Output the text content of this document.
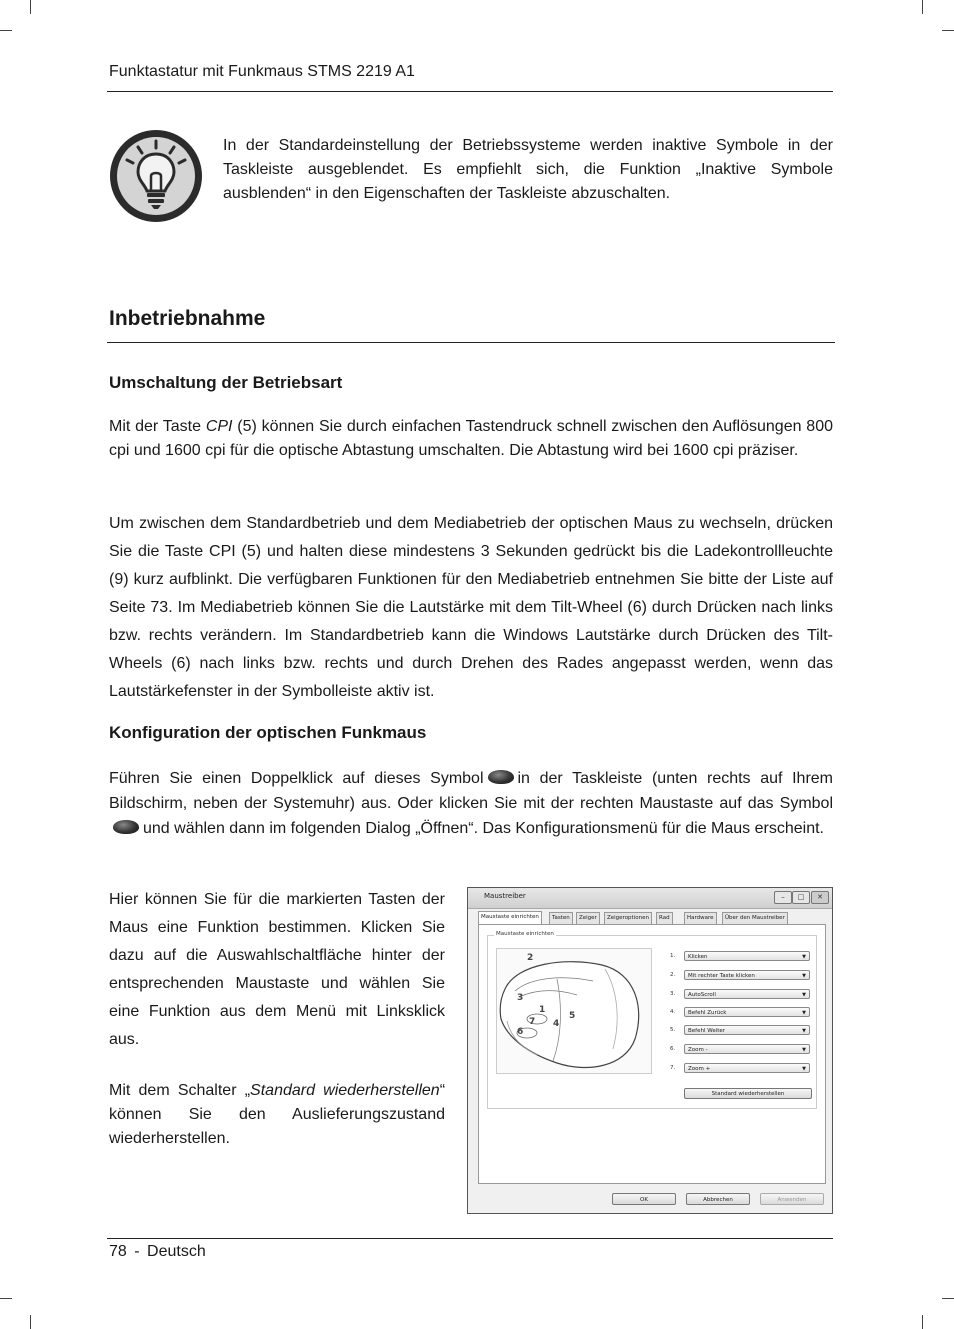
Funktastatur mit Funkmaus STMS 2219 A1
In der Standardeinstellung der Betriebssysteme werden inaktive Symbole in der Taskleiste ausgeblendet. Es empfiehlt sich, die Funktion „Inaktive Symbole ausblenden“ in den Eigenschaften der Taskleiste abzuschalten.
Inbetriebnahme
Umschaltung der Betriebsart
Mit der Taste CPI (5) können Sie durch einfachen Tastendruck schnell zwischen den Auflösungen 800 cpi und 1600 cpi für die optische Abtastung umschalten. Die Abtastung wird bei 1600 cpi präziser.
Um zwischen dem Standardbetrieb und dem Mediabetrieb der optischen Maus zu wechseln, drücken Sie die Taste CPI (5) und halten diese mindestens 3 Sekunden gedrückt bis die Ladekontrollleuchte (9) kurz aufblinkt. Die verfügbaren Funktionen für den Mediabetrieb entnehmen Sie bitte der Liste auf Seite 73. Im Mediabetrieb können Sie die Lautstärke mit dem Tilt-Wheel (6) durch Drücken nach links bzw. rechts verändern. Im Standardbetrieb kann die Windows Lautstärke durch Drücken des Tilt-Wheels (6) nach links bzw. rechts und durch Drehen des Rades angepasst werden, wenn das Lautstärkefenster in der Symbolleiste aktiv ist.
Konfiguration der optischen Funkmaus
Führen Sie einen Doppelklick auf dieses Symbol in der Taskleiste (unten rechts auf Ihrem Bildschirm, neben der Systemuhr) aus. Oder klicken Sie mit der rechten Maustaste auf das Symbolund wählen dann im folgenden Dialog „Öffnen“. Das Konfigurationsmenü für die Maus erscheint.
Hier können Sie für die markierten Tasten der Maus eine Funktion bestimmen. Klicken Sie dazu auf die Auswahlschaltfläche hinter der entsprechenden Maustaste und wählen Sie eine Funktion aus dem Menü mit Linksklick aus.
Mit dem Schalter „Standard wiederherstellen“ können Sie den Auslieferungszustand wiederherstellen.
Maustreiber	–	□	✕
Maustaste einrichten	Tasten	Zeiger	Zeigeroptionen	Rad	Hardware	Über den Maustreiber
Maustaste einrichten
2
3
1
7
6
4
5
1.	Klicken	▼
2.	Mit rechter Taste klicken	▼
3.	AutoScroll	▼
4.	Befehl Zurück	▼
5.	Befehl Weiter	▼
6.	Zoom -	▼
7.	Zoom +	▼
Standard wiederherstellen
OK	Abbrechen	Anwenden
78 - Deutsch
